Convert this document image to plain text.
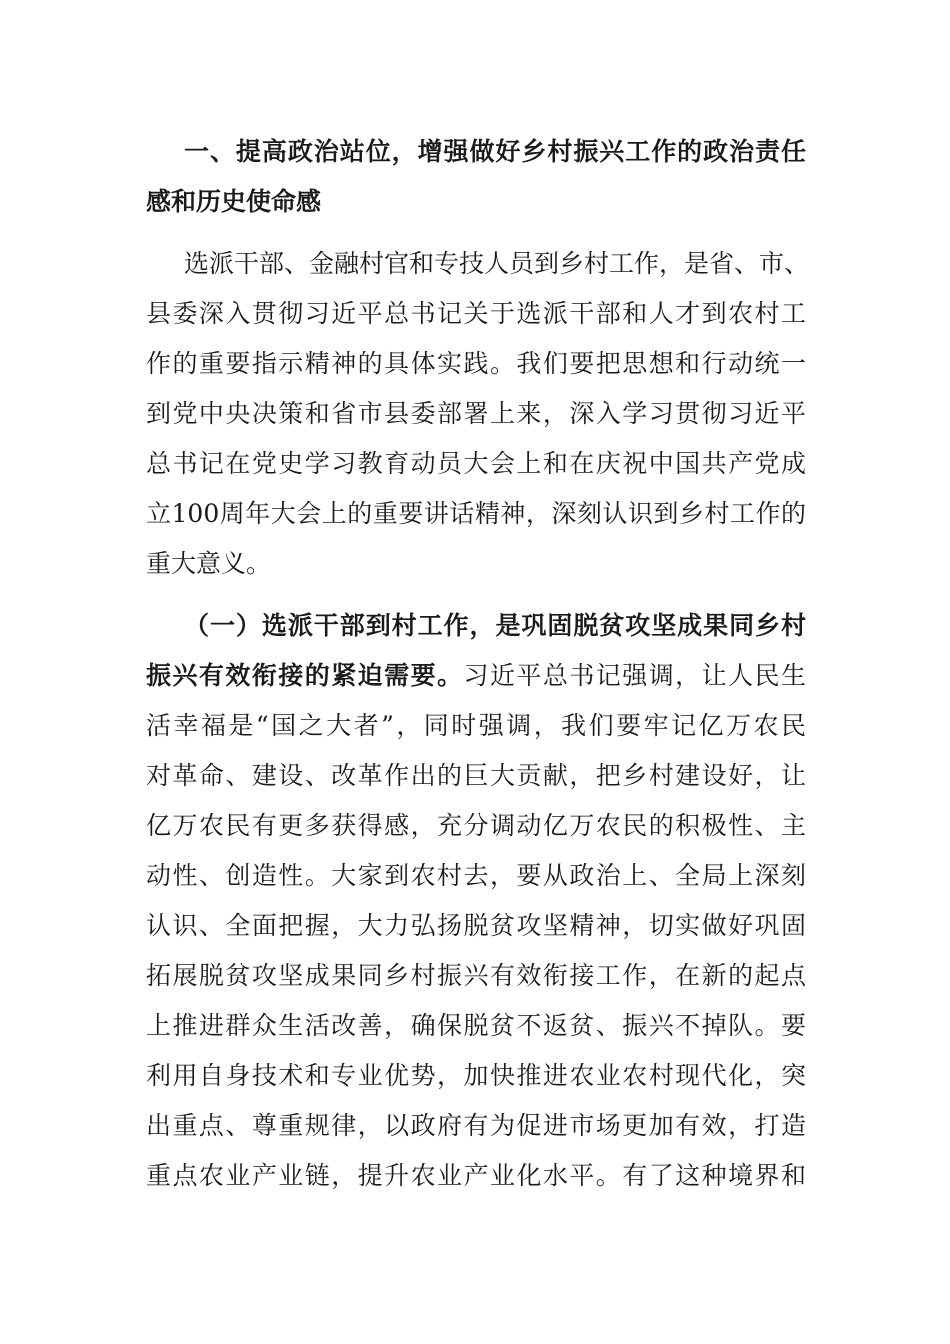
一、提高政治站位，增强做好乡村振兴工作的政治责任
感和历史使命感
选派干部、金融村官和专技人员到乡村工作，是省、市、
县委深入贯彻习近平总书记关于选派干部和人才到农村工
作的重要指示精神的具体实践。我们要把思想和行动统一
到党中央决策和省市县委部署上来，深入学习贯彻习近平
总书记在党史学习教育动员大会上和在庆祝中国共产党成
立100周年大会上的重要讲话精神，深刻认识到乡村工作的
重大意义。
（一）选派干部到村工作，是巩固脱贫攻坚成果同乡村
振兴有效衔接的紧迫需要。习近平总书记强调，让人民生
活幸福是“国之大者”，同时强调，我们要牢记亿万农民
对革命、建设、改革作出的巨大贡献，把乡村建设好，让
亿万农民有更多获得感，充分调动亿万农民的积极性、主
动性、创造性。大家到农村去，要从政治上、全局上深刻
认识、全面把握，大力弘扬脱贫攻坚精神，切实做好巩固
拓展脱贫攻坚成果同乡村振兴有效衔接工作，在新的起点
上推进群众生活改善，确保脱贫不返贫、振兴不掉队。要
利用自身技术和专业优势，加快推进农业农村现代化，突
出重点、尊重规律，以政府有为促进市场更加有效，打造
重点农业产业链，提升农业产业化水平。有了这种境界和
